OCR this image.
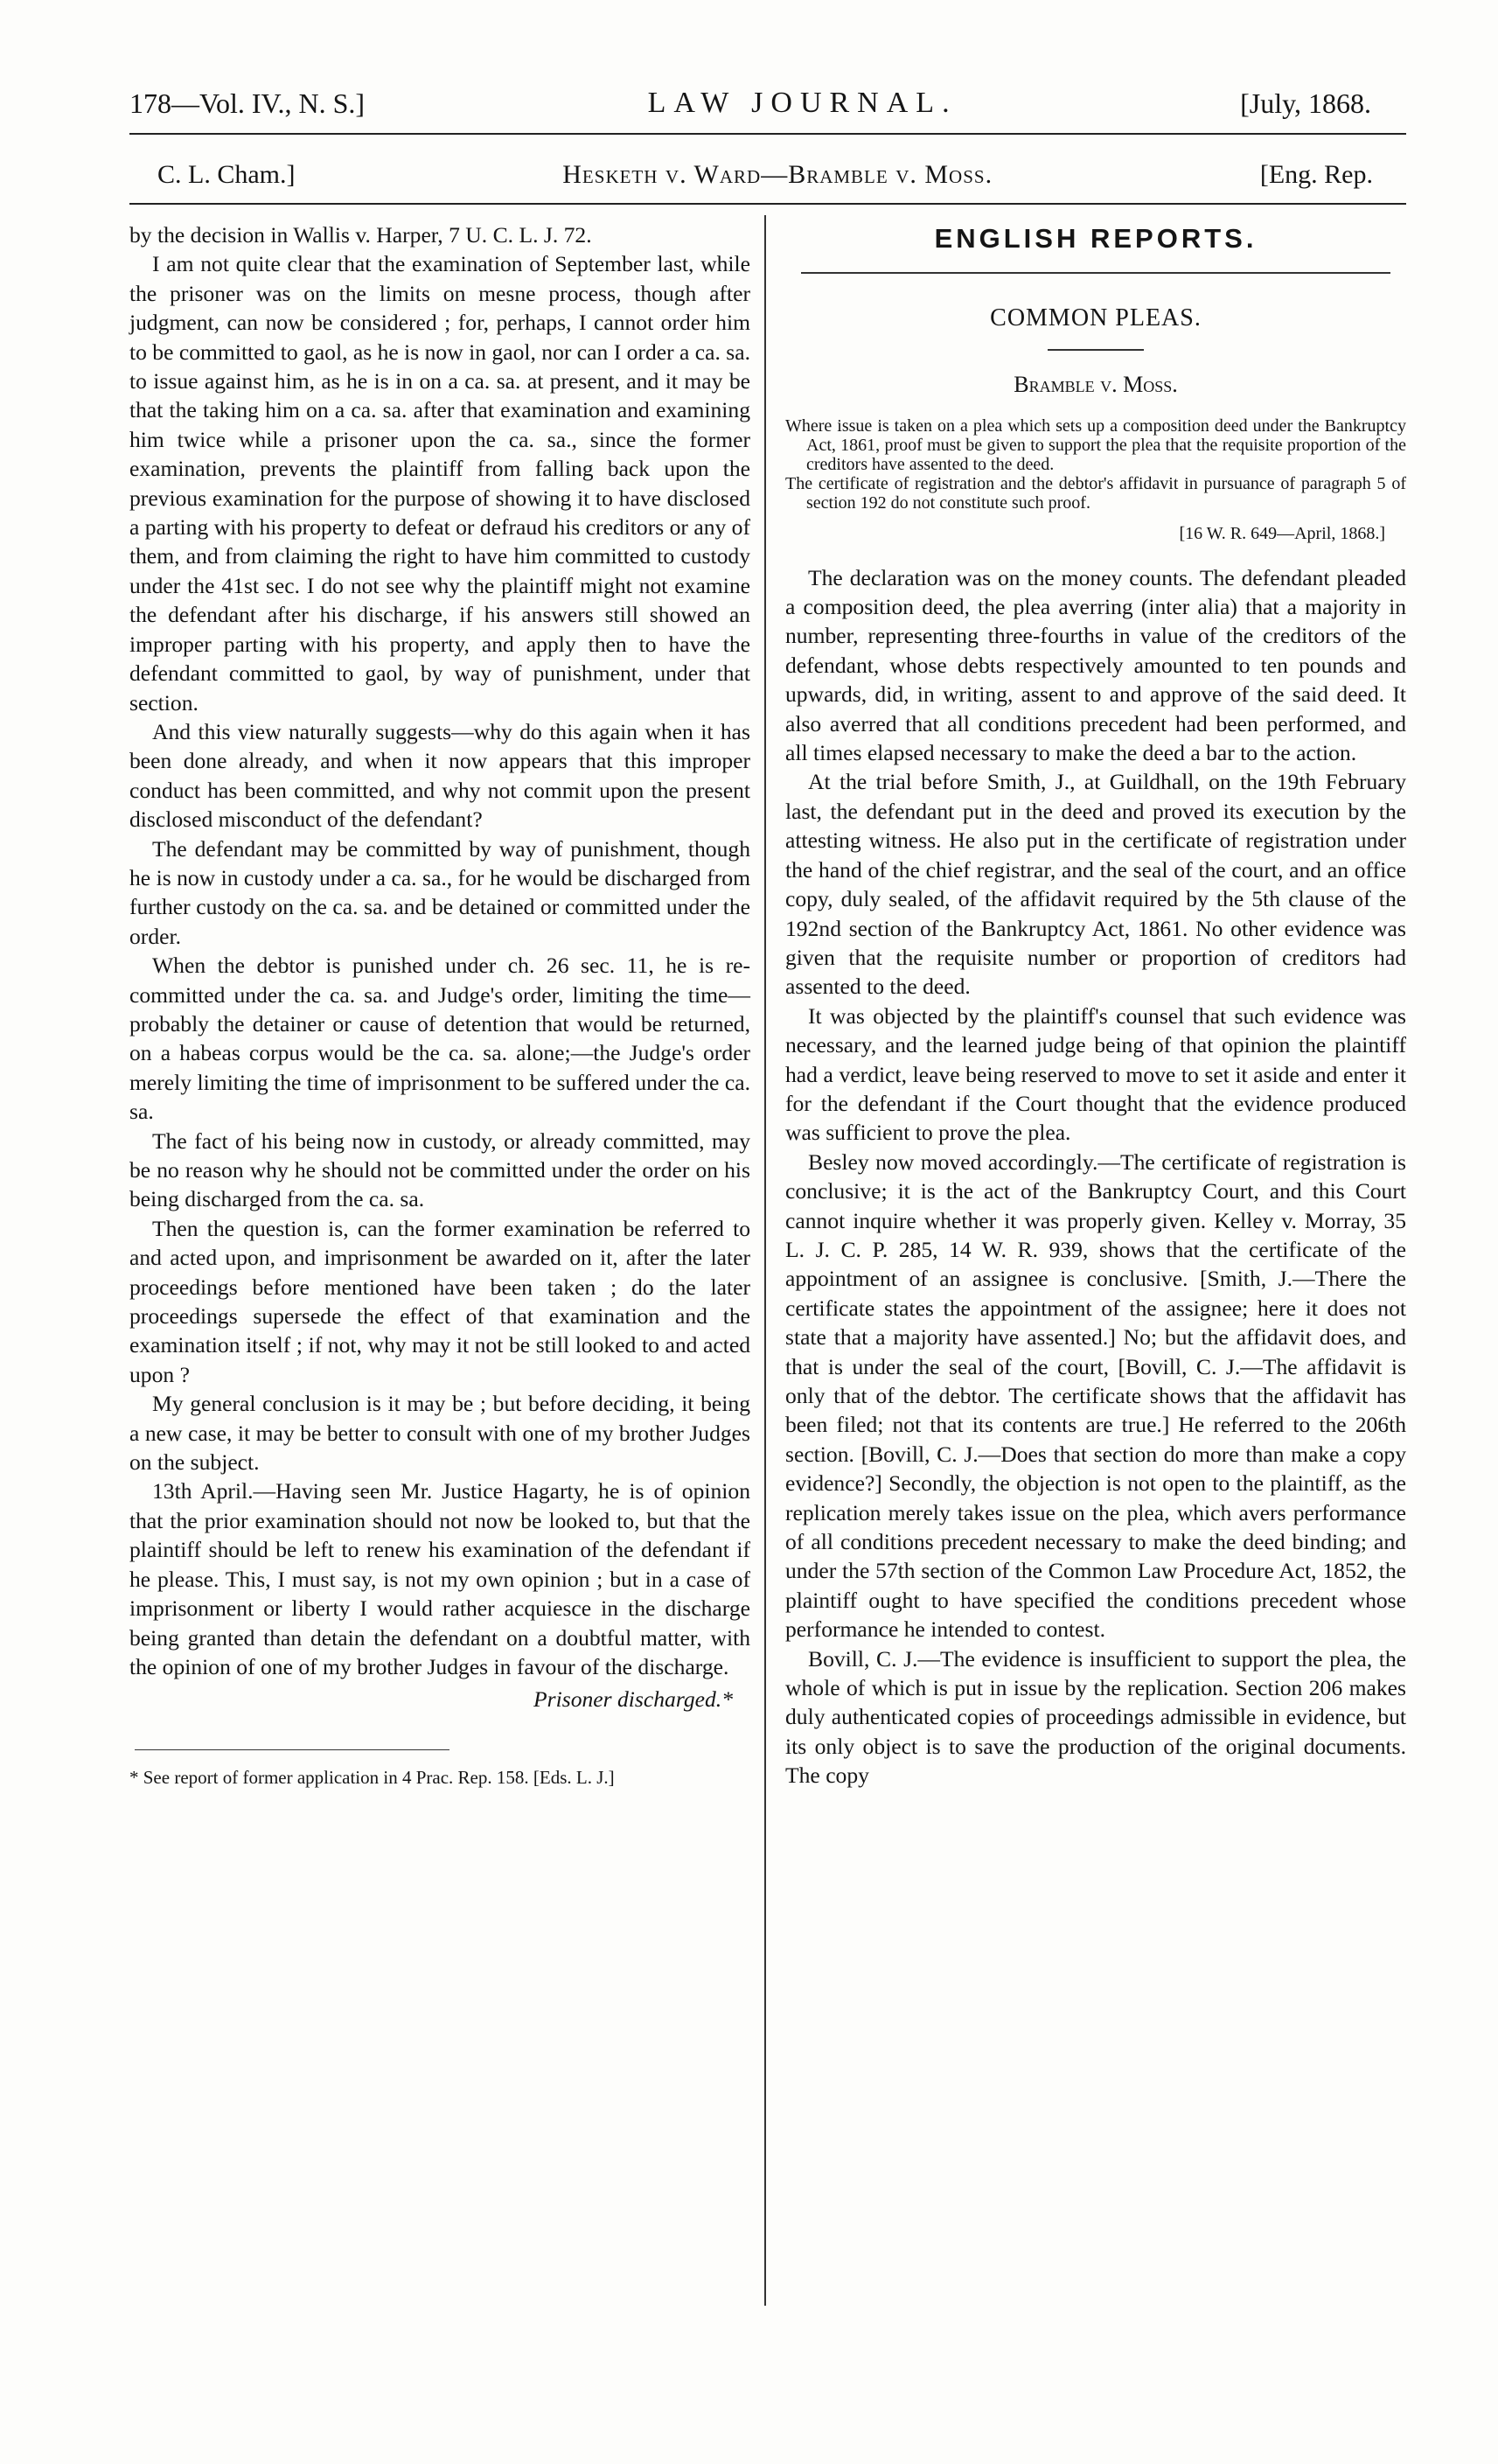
178—Vol. IV., N. S.]	LAW JOURNAL.	[July, 1868.
C. L. Cham.]	Hesketh v. Ward—Bramble v. Moss.	[Eng. Rep.

by the decision in Wallis v. Harper, 7 U. C. L. J. 72.

I am not quite clear that the examination of September last, while the prisoner was on the limits on mesne process, though after judgment, can now be considered ; for, perhaps, I cannot order him to be committed to gaol, as he is now in gaol, nor can I order a ca. sa. to issue against him, as he is in on a ca. sa. at present, and it may be that the taking him on a ca. sa. after that examination and examining him twice while a prisoner upon the ca. sa., since the former examination, prevents the plaintiff from falling back upon the previous examination for the purpose of showing it to have disclosed a parting with his property to defeat or defraud his creditors or any of them, and from claiming the right to have him committed to custody under the 41st sec. I do not see why the plaintiff might not examine the defendant after his discharge, if his answers still showed an improper parting with his property, and apply then to have the defendant committed to gaol, by way of punishment, under that section.

And this view naturally suggests—why do this again when it has been done already, and when it now appears that this improper conduct has been committed, and why not commit upon the present disclosed misconduct of the defendant?

The defendant may be committed by way of punishment, though he is now in custody under a ca. sa., for he would be discharged from further custody on the ca. sa. and be detained or committed under the order.

When the debtor is punished under ch. 26 sec. 11, he is re-committed under the ca. sa. and Judge's order, limiting the time—probably the detainer or cause of detention that would be returned, on a habeas corpus would be the ca. sa. alone;—the Judge's order merely limiting the time of imprisonment to be suffered under the ca. sa.

The fact of his being now in custody, or already committed, may be no reason why he should not be committed under the order on his being discharged from the ca. sa.

Then the question is, can the former examination be referred to and acted upon, and imprisonment be awarded on it, after the later proceedings before mentioned have been taken ; do the later proceedings supersede the effect of that examination and the examination itself ; if not, why may it not be still looked to and acted upon ?

My general conclusion is it may be ; but before deciding, it being a new case, it may be better to consult with one of my brother Judges on the subject.

13th April.—Having seen Mr. Justice Hagarty, he is of opinion that the prior examination should not now be looked to, but that the plaintiff should be left to renew his examination of the defendant if he please. This, I must say, is not my own opinion ; but in a case of imprisonment or liberty I would rather acquiesce in the discharge being granted than detain the defendant on a doubtful matter, with the opinion of one of my brother Judges in favour of the discharge.

Prisoner discharged.*

* See report of former application in 4 Prac. Rep. 158. [Eds. L. J.]

ENGLISH REPORTS.
COMMON PLEAS.
Bramble v. Moss.

Where issue is taken on a plea which sets up a composition deed under the Bankruptcy Act, 1861, proof must be given to support the plea that the requisite proportion of the creditors have assented to the deed.

The certificate of registration and the debtor's affidavit in pursuance of paragraph 5 of section 192 do not constitute such proof.

[16 W. R. 649—April, 1868.]

The declaration was on the money counts. The defendant pleaded a composition deed, the plea averring (inter alia) that a majority in number, representing three-fourths in value of the creditors of the defendant, whose debts respectively amounted to ten pounds and upwards, did, in writing, assent to and approve of the said deed. It also averred that all conditions precedent had been performed, and all times elapsed necessary to make the deed a bar to the action.

At the trial before Smith, J., at Guildhall, on the 19th February last, the defendant put in the deed and proved its execution by the attesting witness. He also put in the certificate of registration under the hand of the chief registrar, and the seal of the court, and an office copy, duly sealed, of the affidavit required by the 5th clause of the 192nd section of the Bankruptcy Act, 1861. No other evidence was given that the requisite number or proportion of creditors had assented to the deed.

It was objected by the plaintiff's counsel that such evidence was necessary, and the learned judge being of that opinion the plaintiff had a verdict, leave being reserved to move to set it aside and enter it for the defendant if the Court thought that the evidence produced was sufficient to prove the plea.

Besley now moved accordingly.—The certificate of registration is conclusive; it is the act of the Bankruptcy Court, and this Court cannot inquire whether it was properly given. Kelley v. Morray, 35 L. J. C. P. 285, 14 W. R. 939, shows that the certificate of the appointment of an assignee is conclusive. [Smith, J.—There the certificate states the appointment of the assignee; here it does not state that a majority have assented.] No; but the affidavit does, and that is under the seal of the court, [Bovill, C. J.—The affidavit is only that of the debtor. The certificate shows that the affidavit has been filed; not that its contents are true.] He referred to the 206th section. [Bovill, C. J.—Does that section do more than make a copy evidence?] Secondly, the objection is not open to the plaintiff, as the replication merely takes issue on the plea, which avers performance of all conditions precedent necessary to make the deed binding; and under the 57th section of the Common Law Procedure Act, 1852, the plaintiff ought to have specified the conditions precedent whose performance he intended to contest.

Bovill, C. J.—The evidence is insufficient to support the plea, the whole of which is put in issue by the replication. Section 206 makes duly authenticated copies of proceedings admissible in evidence, but its only object is to save the production of the original documents. The copy
